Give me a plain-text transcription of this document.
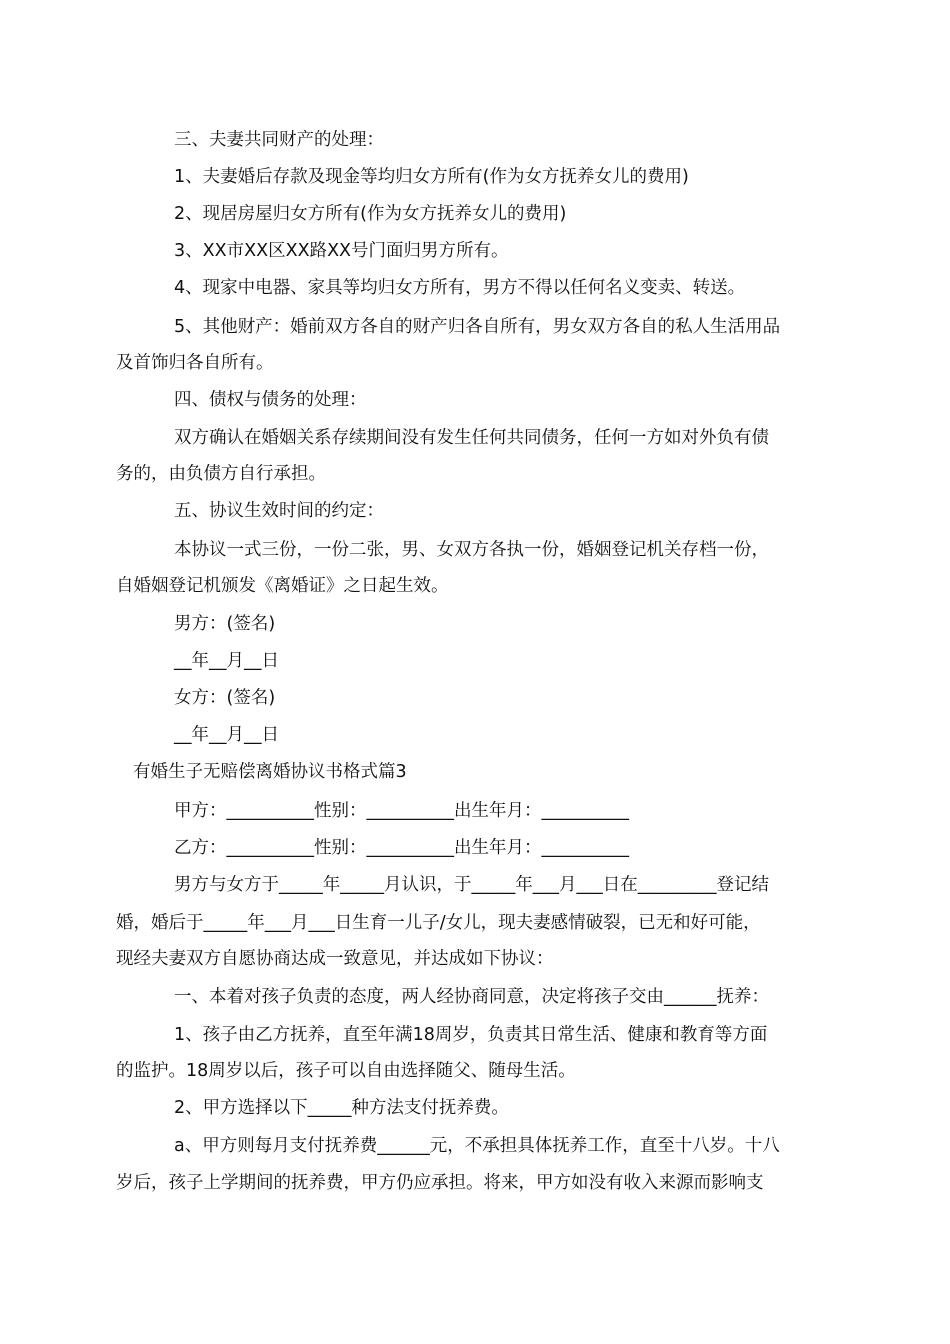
三、夫妻共同财产的处理：
1、夫妻婚后存款及现金等均归女方所有(作为女方抚养女儿的费用)
2、现居房屋归女方所有(作为女方抚养女儿的费用)
3、XX市XX区XX路XX号门面归男方所有。
4、现家中电器、家具等均归女方所有，男方不得以任何名义变卖、转送。
5、其他财产：婚前双方各自的财产归各自所有，男女双方各自的私人生活用品
及首饰归各自所有。
四、债权与债务的处理：
双方确认在婚姻关系存续期间没有发生任何共同债务，任何一方如对外负有债
务的，由负债方自行承担。
五、协议生效时间的约定：
本协议一式三份，一份二张，男、女双方各执一份，婚姻登记机关存档一份，
自婚姻登记机颁发《离婚证》之日起生效。
男方：(签名)
__年__月__日
女方：(签名)
__年__月__日
有婚生子无赔偿离婚协议书格式篇3
甲方：__________性别：__________出生年月：__________
乙方：__________性别：__________出生年月：__________
男方与女方于_____年_____月认识，于_____年___月___日在_________登记结
婚，婚后于_____年___月___日生育一儿子/女儿，现夫妻感情破裂，已无和好可能，
现经夫妻双方自愿协商达成一致意见，并达成如下协议：
一、本着对孩子负责的态度，两人经协商同意，决定将孩子交由______抚养：
1、孩子由乙方抚养，直至年满18周岁，负责其日常生活、健康和教育等方面
的监护。18周岁以后，孩子可以自由选择随父、随母生活。
2、甲方选择以下_____种方法支付抚养费。
a、甲方则每月支付抚养费______元，不承担具体抚养工作，直至十八岁。十八
岁后，孩子上学期间的抚养费，甲方仍应承担。将来，甲方如没有收入来源而影响支
